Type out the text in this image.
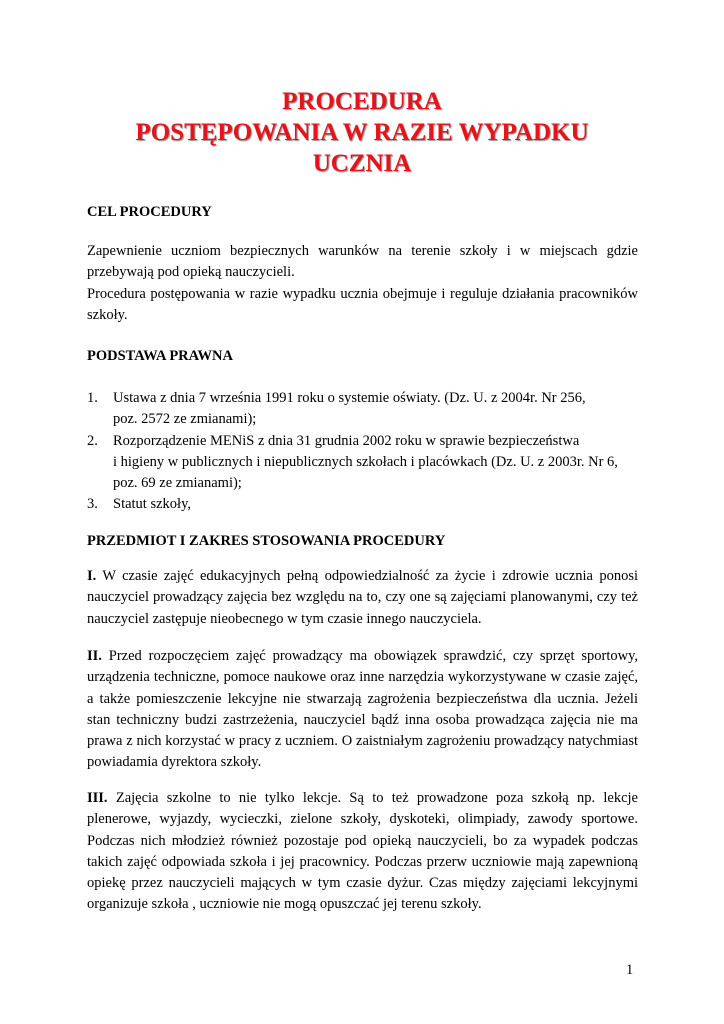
PROCEDURA
POSTĘPOWANIA W RAZIE WYPADKU
UCZNIA
CEL PROCEDURY
Zapewnienie uczniom bezpiecznych warunków na terenie szkoły i w miejscach gdzie
przebywają pod opieką nauczycieli.
Procedura postępowania w razie wypadku ucznia obejmuje i reguluje działania pracowników
szkoły.
PODSTAWA PRAWNA
1. Ustawa z dnia 7 września 1991 roku o systemie oświaty. (Dz. U. z 2004r. Nr 256,
poz. 2572 ze zmianami);
2. Rozporządzenie MENiS z dnia 31 grudnia 2002 roku w sprawie bezpieczeństwa
i higieny w publicznych i niepublicznych szkołach i placówkach (Dz. U. z 2003r. Nr 6,
poz. 69 ze zmianami);
3. Statut szkoły,
PRZEDMIOT I ZAKRES STOSOWANIA PROCEDURY
I. W czasie zajęć edukacyjnych pełną odpowiedzialność za życie i zdrowie ucznia ponosi
nauczyciel prowadzący zajęcia bez względu na to, czy one są zajęciami planowanymi, czy też
nauczyciel zastępuje nieobecnego w tym czasie innego nauczyciela.
II. Przed rozpoczęciem zajęć prowadzący ma obowiązek sprawdzić, czy sprzęt sportowy,
urządzenia techniczne, pomoce naukowe oraz inne narzędzia wykorzystywane w czasie zajęć,
a także pomieszczenie lekcyjne nie stwarzają zagrożenia bezpieczeństwa dla ucznia. Jeżeli
stan techniczny budzi zastrzeżenia, nauczyciel bądź inna osoba prowadząca zajęcia nie ma
prawa z nich korzystać w pracy z uczniem. O zaistniałym zagrożeniu prowadzący natychmiast
powiadamia dyrektora szkoły.
III. Zajęcia szkolne to nie tylko lekcje. Są to też prowadzone poza szkołą np. lekcje
plenerowe, wyjazdy, wycieczki, zielone szkoły, dyskoteki, olimpiady, zawody sportowe.
Podczas nich młodzież również pozostaje pod opieką nauczycieli, bo za wypadek podczas
takich zajęć odpowiada szkoła i jej pracownicy. Podczas przerw uczniowie mają zapewnioną
opiekę przez nauczycieli mających w tym czasie dyżur. Czas między zajęciami lekcyjnymi
organizuje szkoła , uczniowie nie mogą opuszczać jej terenu szkoły.
1
